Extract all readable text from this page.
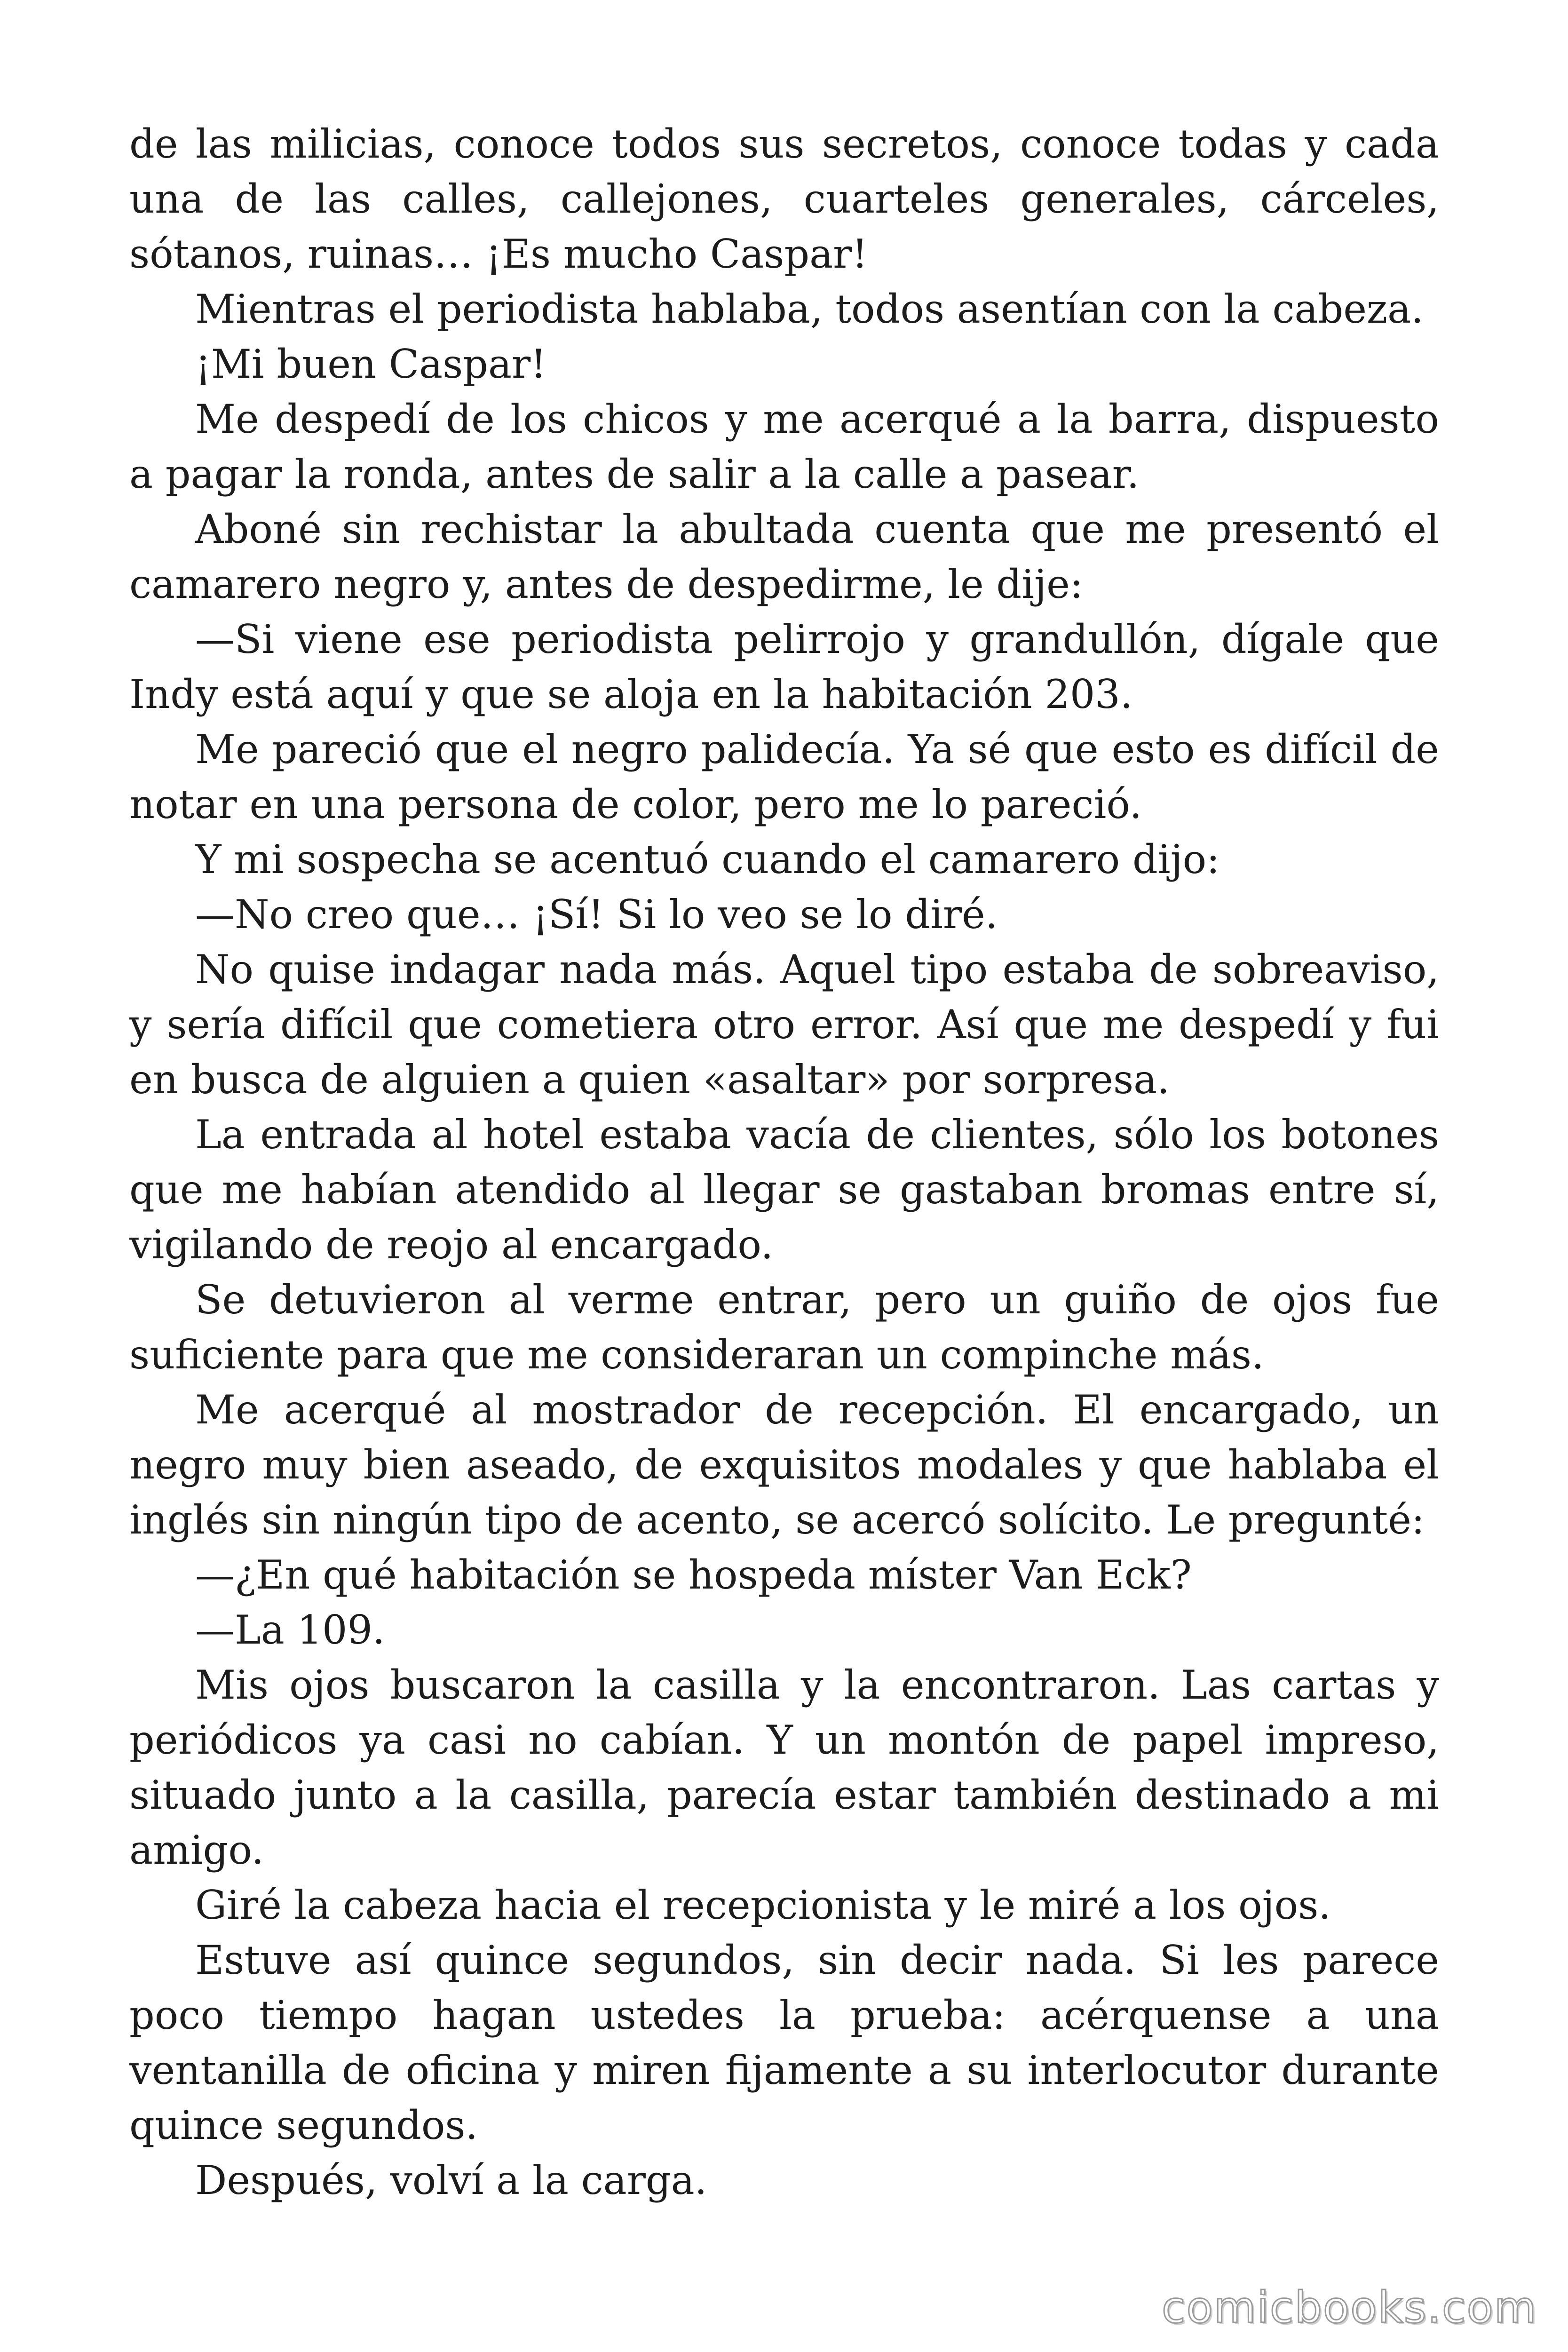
de las milicias, conoce todos sus secretos, conoce todas y cada una de las calles, callejones, cuarteles generales, cárceles, sótanos, ruinas… ¡Es mucho Caspar!

Mientras el periodista hablaba, todos asentían con la cabeza.

¡Mi buen Caspar!

Me despedí de los chicos y me acerqué a la barra, dispuesto a pagar la ronda, antes de salir a la calle a pasear.

Aboné sin rechistar la abultada cuenta que me presentó el camarero negro y, antes de despedirme, le dije:

—Si viene ese periodista pelirrojo y grandullón, dígale que Indy está aquí y que se aloja en la habitación 203.

Me pareció que el negro palidecía. Ya sé que esto es difícil de notar en una persona de color, pero me lo pareció.

Y mi sospecha se acentuó cuando el camarero dijo:

—No creo que… ¡Sí! Si lo veo se lo diré.

No quise indagar nada más. Aquel tipo estaba de sobreaviso, y sería difícil que cometiera otro error. Así que me despedí y fui en busca de alguien a quien «asaltar» por sorpresa.

La entrada al hotel estaba vacía de clientes, sólo los botones que me habían atendido al llegar se gastaban bromas entre sí, vigilando de reojo al encargado.

Se detuvieron al verme entrar, pero un guiño de ojos fue suficiente para que me consideraran un compinche más.

Me acerqué al mostrador de recepción. El encargado, un negro muy bien aseado, de exquisitos modales y que hablaba el inglés sin ningún tipo de acento, se acercó solícito. Le pregunté:

—¿En qué habitación se hospeda míster Van Eck?

—La 109.

Mis ojos buscaron la casilla y la encontraron. Las cartas y periódicos ya casi no cabían. Y un montón de papel impreso, situado junto a la casilla, parecía estar también destinado a mi amigo.

Giré la cabeza hacia el recepcionista y le miré a los ojos.

Estuve así quince segundos, sin decir nada. Si les parece poco tiempo hagan ustedes la prueba: acérquense a una ventanilla de oficina y miren fijamente a su interlocutor durante quince segundos.

Después, volví a la carga.

comicbooks.com
